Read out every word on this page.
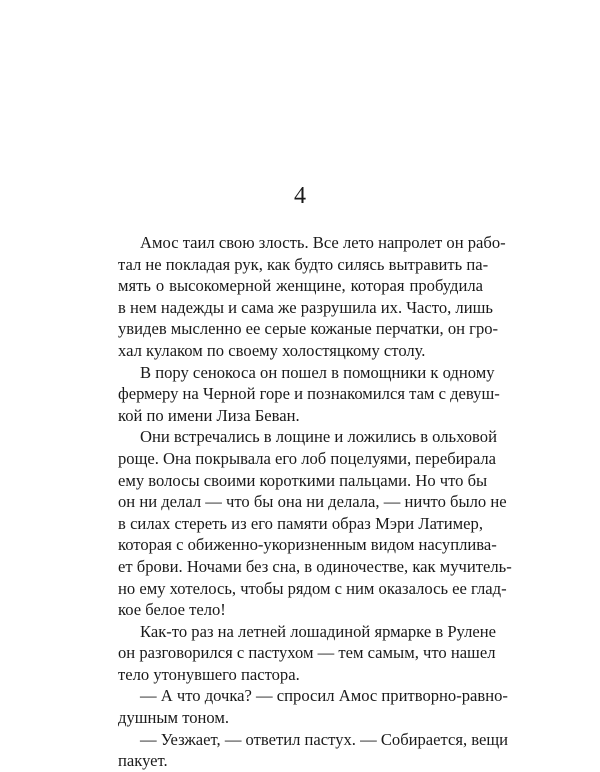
4
Амос таил свою злость. Все лето напролет он рабо-
тал не покладая рук, как будто силясь вытравить па-
мять о высокомерной женщине, которая пробудила
в нем надежды и сама же разрушила их. Часто, лишь
увидев мысленно ее серые кожаные перчатки, он гро-
хал кулаком по своему холостяцкому столу.
В пору сенокоса он пошел в помощники к одному
фермеру на Черной горе и познакомился там с девуш-
кой по имени Лиза Беван.
Они встречались в лощине и ложились в ольховой
роще. Она покрывала его лоб поцелуями, перебирала
ему волосы своими короткими пальцами. Но что бы
он ни делал — что бы она ни делала, — ничто было не
в силах стереть из его памяти образ Мэри Латимер,
которая с обиженно-укоризненным видом насуплива-
ет брови. Ночами без сна, в одиночестве, как мучитель-
но ему хотелось, чтобы рядом с ним оказалось ее глад-
кое белое тело!
Как-то раз на летней лошадиной ярмарке в Рулене
он разговорился с пастухом — тем самым, что нашел
тело утонувшего пастора.
— А что дочка? — спросил Амос притворно-равно-
душным тоном.
— Уезжает, — ответил пастух. — Собирается, вещи
пакует.
